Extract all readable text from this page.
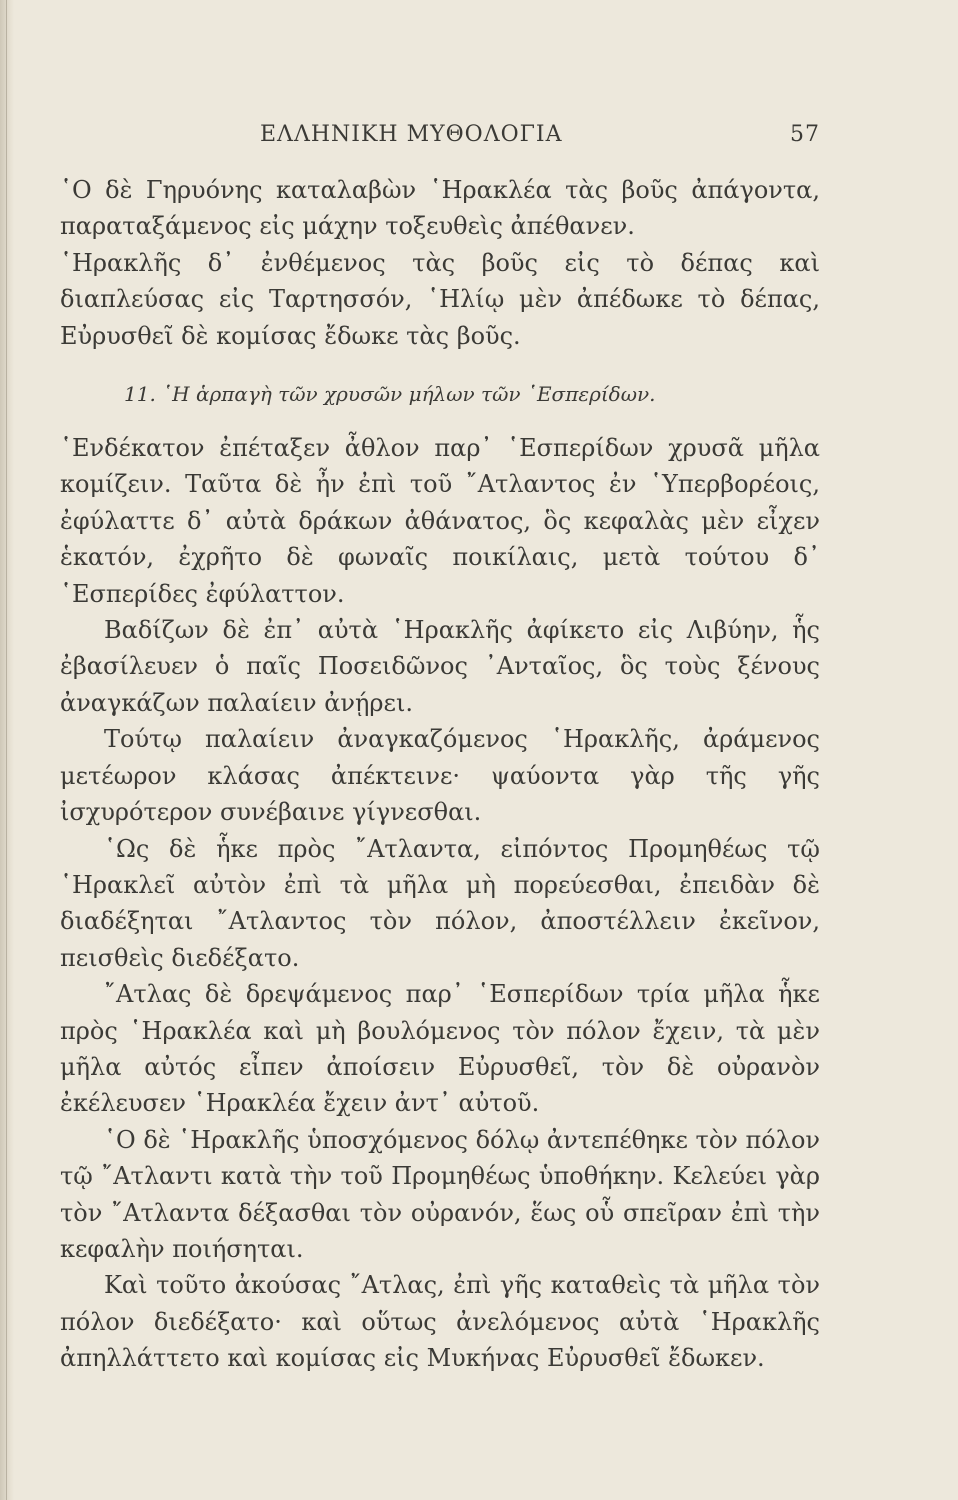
ΕΛΛΗΝΙΚΗ ΜΥΘΟΛΟΓΙΑ	57

῾Ο δὲ Γηρυόνης καταλαβὼν ῾Ηρακλέα τὰς βοῦς ἀπάγοντα, παραταξάμενος εἰς μάχην τοξευθεὶς ἀπέθανεν.

῾Ηρακλῆς δ᾽ ἐνθέμενος τὰς βοῦς εἰς τὸ δέπας καὶ διαπλεύσας εἰς Ταρτησσόν, ῾Ηλίῳ μὲν ἀπέδωκε τὸ δέπας, Εὐρυσθεῖ δὲ κομίσας ἔδωκε τὰς βοῦς.

11. ῾Η ἁρπαγὴ τῶν χρυσῶν μήλων τῶν ῾Εσπερίδων.

῾Ενδέκατον ἐπέταξεν ἆθλον παρ᾽ ῾Εσπερίδων χρυσᾶ μῆλα κομίζειν. Ταῦτα δὲ ἦν ἐπὶ τοῦ ῎Ατλαντος ἐν ῾Υπερβορέοις, ἐφύλαττε δ᾽ αὐτὰ δράκων ἀθάνατος, ὃς κεφαλὰς μὲν εἶχεν ἑκατόν, ἐχρῆτο δὲ φωναῖς ποικίλαις, μετὰ τούτου δ᾽ ῾Εσπερίδες ἐφύλαττον.

Βαδίζων δὲ ἐπ᾽ αὐτὰ ῾Ηρακλῆς ἀφίκετο εἰς Λιβύην, ἧς ἐβασίλευεν ὁ παῖς Ποσειδῶνος ᾿Ανταῖος, ὃς τοὺς ξένους ἀναγκάζων παλαίειν ἀνῄρει.

Τούτῳ παλαίειν ἀναγκαζόμενος ῾Ηρακλῆς, ἀράμενος μετέωρον κλάσας ἀπέκτεινε· ψαύοντα γὰρ τῆς γῆς ἰσχυρότερον συνέβαινε γίγνεσθαι.

῾Ως δὲ ἧκε πρὸς ῎Ατλαντα, εἰπόντος Προμηθέως τῷ ῾Ηρακλεῖ αὐτὸν ἐπὶ τὰ μῆλα μὴ πορεύεσθαι, ἐπειδὰν δὲ διαδέξηται ῎Ατλαντος τὸν πόλον, ἀποστέλλειν ἐκεῖνον, πεισθεὶς διεδέξατο.

῎Ατλας δὲ δρεψάμενος παρ᾽ ῾Εσπερίδων τρία μῆλα ἧκε πρὸς ῾Ηρακλέα καὶ μὴ βουλόμενος τὸν πόλον ἔχειν, τὰ μὲν μῆλα αὐτός εἶπεν ἀποίσειν Εὐρυσθεῖ, τὸν δὲ οὐρανὸν ἐκέλευσεν ῾Ηρακλέα ἔχειν ἀντ᾽ αὐτοῦ.

῾Ο δὲ ῾Ηρακλῆς ὑποσχόμενος δόλῳ ἀντεπέθηκε τὸν πόλον τῷ ῎Ατλαντι κατὰ τὴν τοῦ Προμηθέως ὑποθήκην. Κελεύει γὰρ τὸν ῎Ατλαντα δέξασθαι τὸν οὐρανόν, ἕως οὗ σπεῖραν ἐπὶ τὴν κεφαλὴν ποιήσηται.

Καὶ τοῦτο ἀκούσας ῎Ατλας, ἐπὶ γῆς καταθεὶς τὰ μῆλα τὸν πόλον διεδέξατο· καὶ οὕτως ἀνελόμενος αὐτὰ ῾Ηρακλῆς ἀπηλλάττετο καὶ κομίσας εἰς Μυκήνας Εὐρυσθεῖ ἔδωκεν.
